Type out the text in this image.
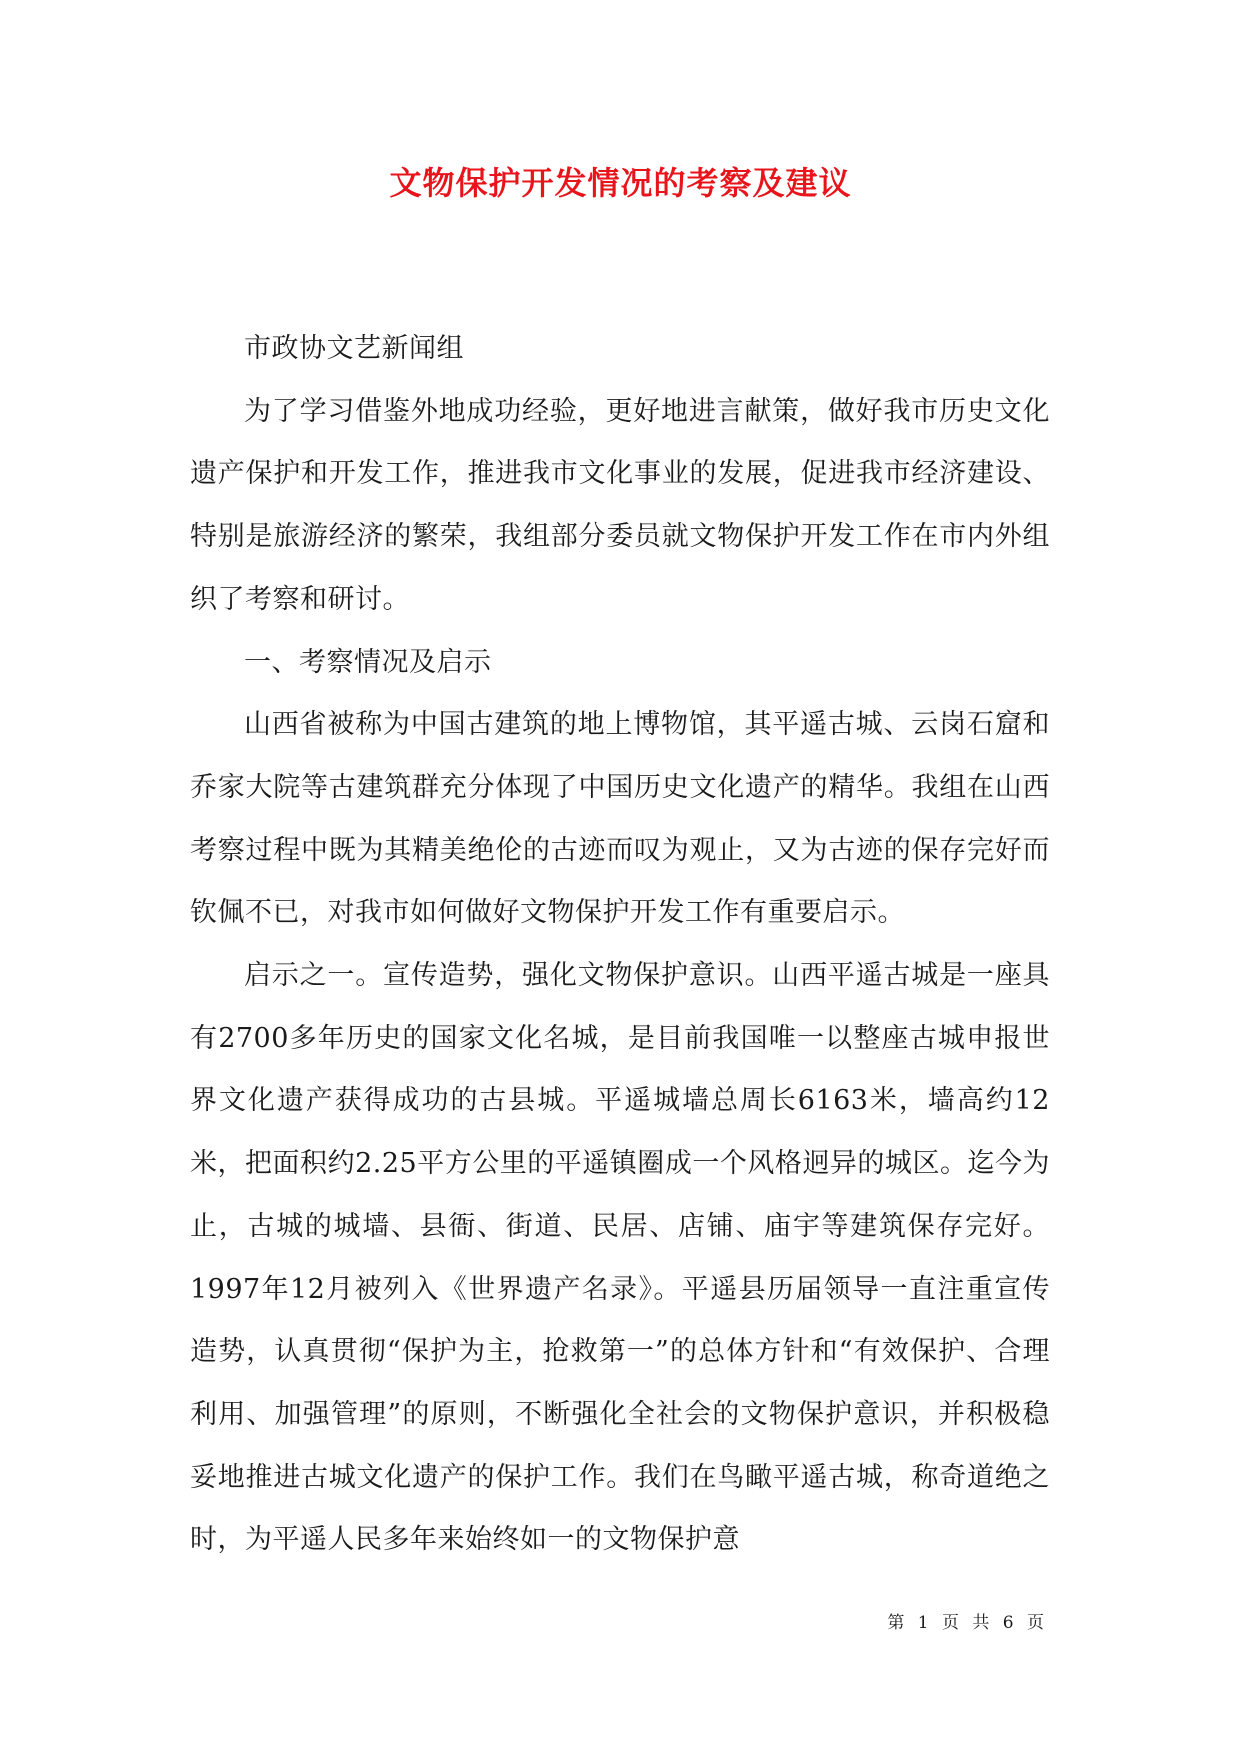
文物保护开发情况的考察及建议

市政协文艺新闻组

为了学习借鉴外地成功经验，更好地进言献策，做好我市历史文化遗产保护和开发工作，推进我市文化事业的发展，促进我市经济建设、特别是旅游经济的繁荣，我组部分委员就文物保护开发工作在市内外组织了考察和研讨。

一、考察情况及启示

山西省被称为中国古建筑的地上博物馆，其平遥古城、云岗石窟和乔家大院等古建筑群充分体现了中国历史文化遗产的精华。我组在山西考察过程中既为其精美绝伦的古迹而叹为观止，又为古迹的保存完好而钦佩不已，对我市如何做好文物保护开发工作有重要启示。

启示之一。宣传造势，强化文物保护意识。山西平遥古城是一座具有2700多年历史的国家文化名城，是目前我国唯一以整座古城申报世界文化遗产获得成功的古县城。平遥城墙总周长6163米，墙高约12米，把面积约2.25平方公里的平遥镇圈成一个风格迥异的城区。迄今为止，古城的城墙、县衙、街道、民居、店铺、庙宇等建筑保存完好。1997年12月被列入《世界遗产名录》。平遥县历届领导一直注重宣传造势，认真贯彻“保护为主，抢救第一”的总体方针和“有效保护、合理利用、加强管理”的原则，不断强化全社会的文物保护意识，并积极稳妥地推进古城文化遗产的保护工作。我们在鸟瞰平遥古城，称奇道绝之时，为平遥人民多年来始终如一的文物保护意

第 1 页 共 6 页
